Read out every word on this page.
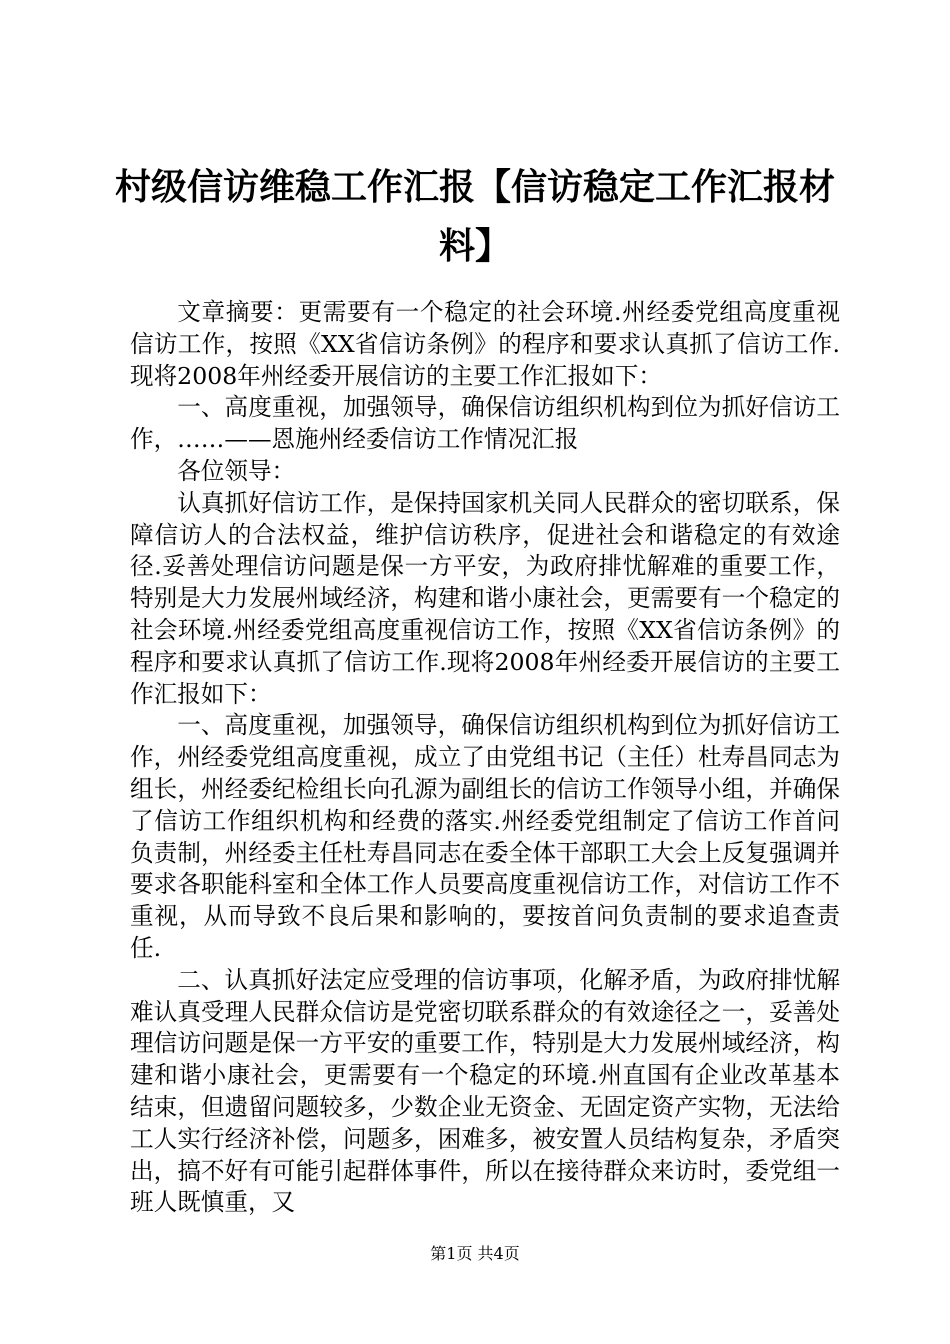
村级信访维稳工作汇报【信访稳定工作汇报材料】

文章摘要：更需要有一个稳定的社会环境.州经委党组高度重视信访工作，按照《XX省信访条例》的程序和要求认真抓了信访工作.现将2008年州经委开展信访的主要工作汇报如下：

一、高度重视，加强领导，确保信访组织机构到位为抓好信访工作，……——恩施州经委信访工作情况汇报

各位领导：

认真抓好信访工作，是保持国家机关同人民群众的密切联系，保障信访人的合法权益，维护信访秩序，促进社会和谐稳定的有效途径.妥善处理信访问题是保一方平安，为政府排忧解难的重要工作，特别是大力发展州域经济，构建和谐小康社会，更需要有一个稳定的社会环境.州经委党组高度重视信访工作，按照《XX省信访条例》的程序和要求认真抓了信访工作.现将2008年州经委开展信访的主要工作汇报如下：

一、高度重视，加强领导，确保信访组织机构到位为抓好信访工作，州经委党组高度重视，成立了由党组书记（主任）杜寿昌同志为组长，州经委纪检组长向孔源为副组长的信访工作领导小组，并确保了信访工作组织机构和经费的落实.州经委党组制定了信访工作首问负责制，州经委主任杜寿昌同志在委全体干部职工大会上反复强调并要求各职能科室和全体工作人员要高度重视信访工作，对信访工作不重视，从而导致不良后果和影响的，要按首问负责制的要求追查责任.

二、认真抓好法定应受理的信访事项，化解矛盾，为政府排忧解难认真受理人民群众信访是党密切联系群众的有效途径之一，妥善处理信访问题是保一方平安的重要工作，特别是大力发展州域经济，构建和谐小康社会，更需要有一个稳定的环境.州直国有企业改革基本结束，但遗留问题较多，少数企业无资金、无固定资产实物，无法给工人实行经济补偿，问题多，困难多，被安置人员结构复杂，矛盾突出，搞不好有可能引起群体事件，所以在接待群众来访时，委党组一班人既慎重，又

第1页 共4页
